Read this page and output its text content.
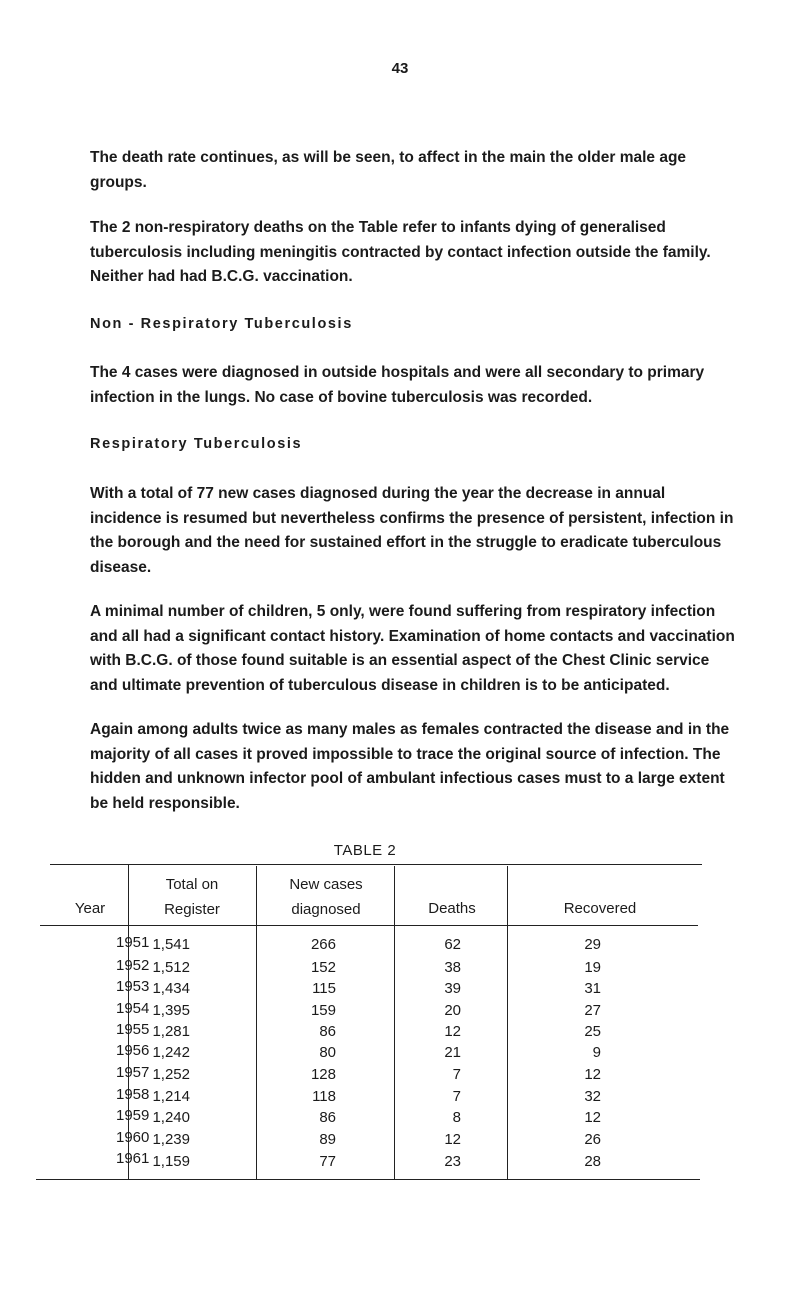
43

The death rate continues, as will be seen, to affect in the main the older male age groups.

The 2 non-respiratory deaths on the Table refer to infants dying of generalised tuberculosis including meningitis contracted by contact infection outside the family. Neither had had B.C.G. vaccination.

Non - Respiratory Tuberculosis

The 4 cases were diagnosed in outside hospitals and were all secondary to primary infection in the lungs. No case of bovine tuberculosis was recorded.

Respiratory Tuberculosis

With a total of 77 new cases diagnosed during the year the decrease in annual incidence is resumed but nevertheless confirms the presence of persistent, infection in the borough and the need for sustained effort in the struggle to eradicate tuberculous disease.

A minimal number of children, 5 only, were found suffering from respiratory infection and all had a significant contact history. Examination of home contacts and vaccination with B.C.G. of those found suitable is an essential aspect of the Chest Clinic service and ultimate prevention of tuberculous disease in children is to be anticipated.

Again among adults twice as many males as females contracted the disease and in the majority of all cases it proved impossible to trace the original source of infection. The hidden and unknown infector pool of ambulant infectious cases must to a large extent be held responsible.

TABLE 2
Year
Total on Register
New cases diagnosed	Deaths	Recovered
1951 1,541	266	62	29
1952 1,512	152	38	19
1953 1,434	115	39	31
1954 1,395	159	20	27
1955 1,281	86	12	25
1956 1,242	80	21	9
1957 1,252	128	7	12
1958 1,214	118	7	32
1959 1,240	86	8	12
1960 1,239	89	12	26
1961 1,159	77	23	28
